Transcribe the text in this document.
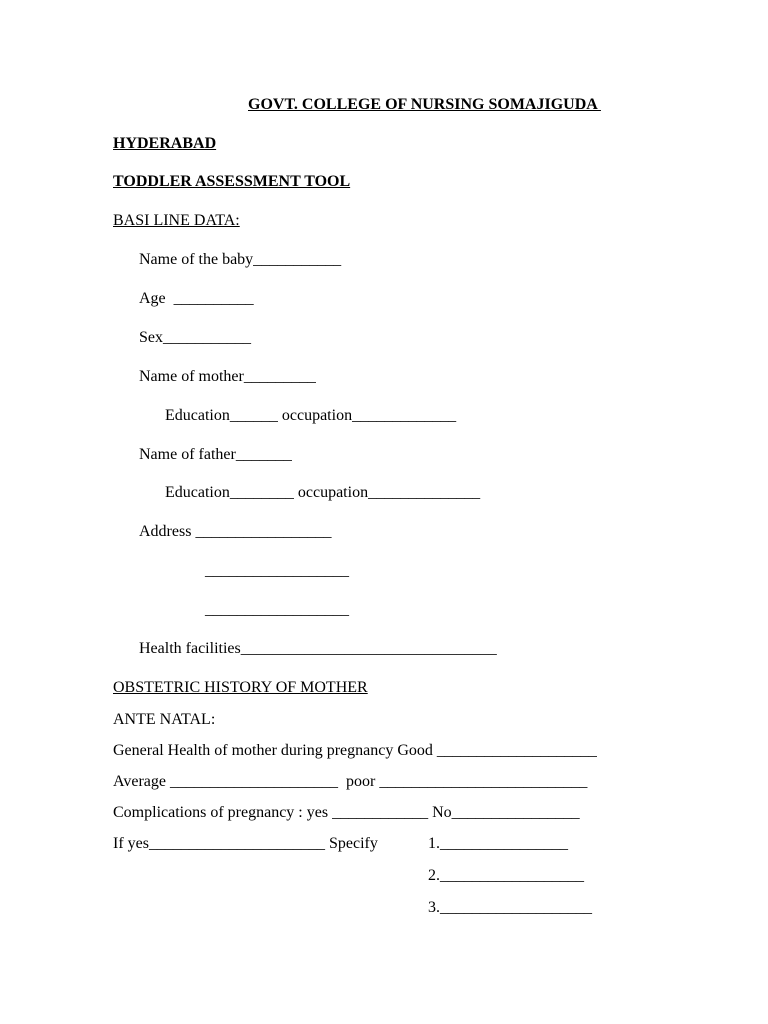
GOVT. COLLEGE OF NURSING SOMAJIGUDA
HYDERABAD
TODDLER ASSESSMENT TOOL
BASI LINE DATA:
Name of the baby___________
Age  __________
Sex___________
Name of mother_________
Education______ occupation_____________
Name of father_______
Education________ occupation______________
Address _________________
__________________
__________________
Health facilities________________________________
OBSTETRIC HISTORY OF MOTHER
ANTE NATAL:
General Health of mother during pregnancy Good ____________________
Average _____________________  poor __________________________
Complications of pregnancy : yes ____________ No________________
If yes______________________ Specify	1.________________
2.__________________
3.___________________
